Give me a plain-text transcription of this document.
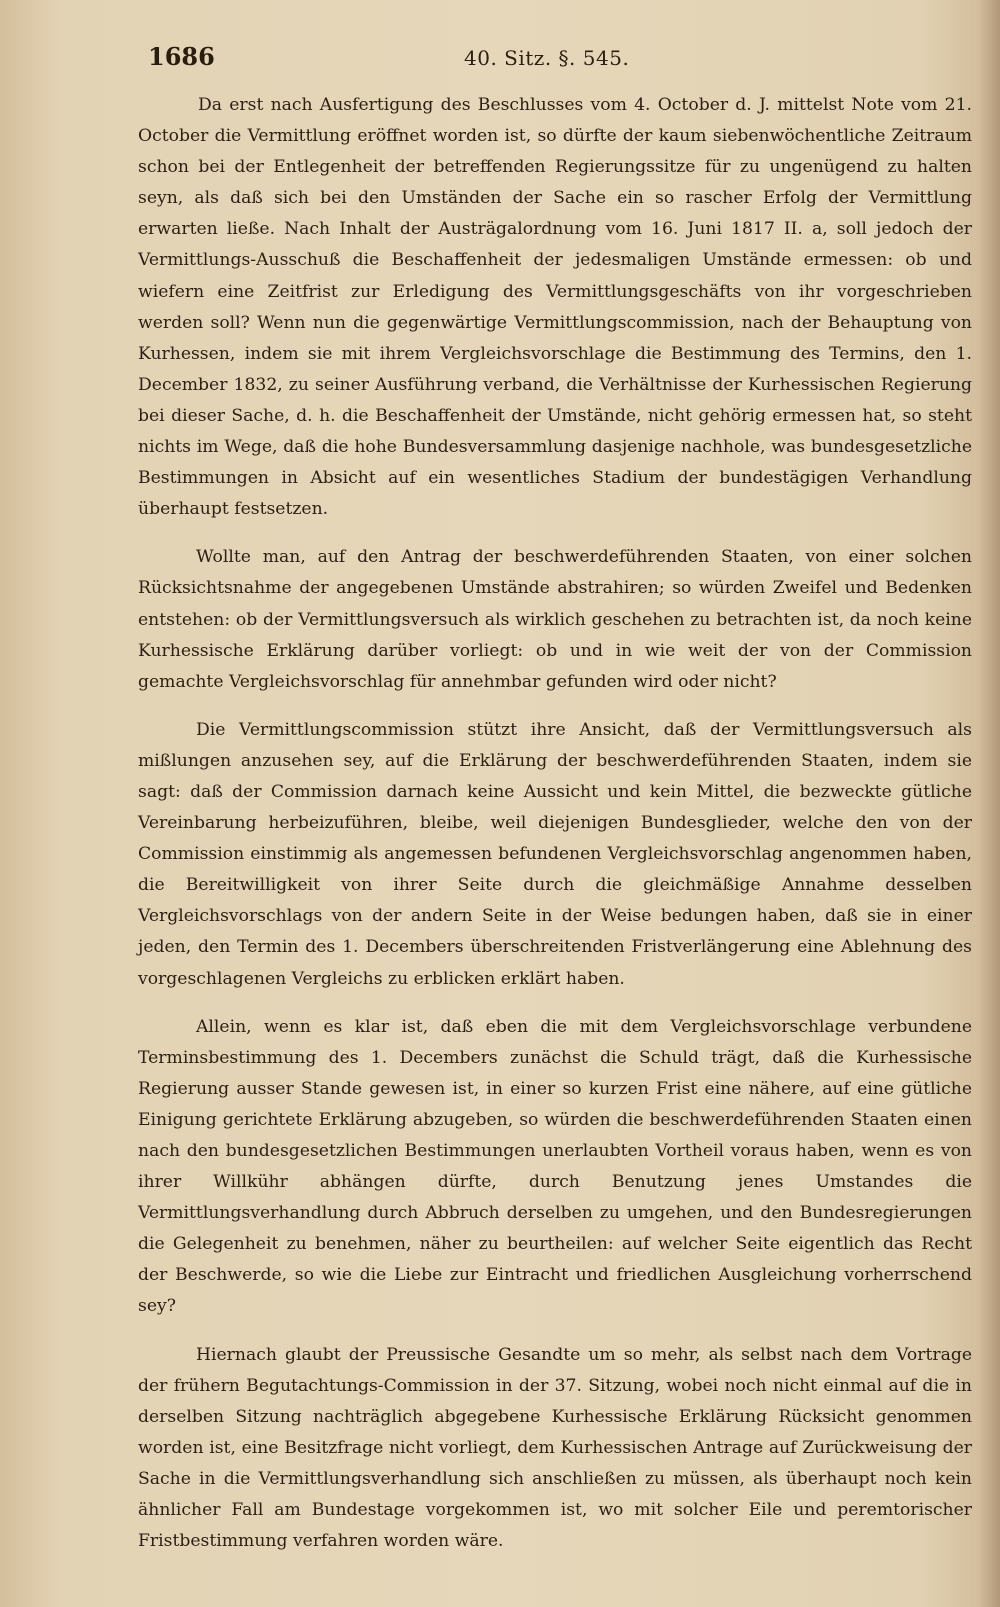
1686	40. Sitz. §. 545.

Da erst nach Ausfertigung des Beschlusses vom 4. October d. J. mittelst Note vom 21. October die Vermittlung eröffnet worden ist, so dürfte der kaum siebenwöchentliche Zeitraum schon bei der Entlegenheit der betreffenden Regierungssitze für zu ungenügend zu halten seyn, als daß sich bei den Umständen der Sache ein so rascher Erfolg der Vermittlung erwarten ließe. Nach Inhalt der Austrägalordnung vom 16. Juni 1817 II. a, soll jedoch der Vermittlungs-Ausschuß die Beschaffenheit der jedesmaligen Umstände ermessen: ob und wiefern eine Zeitfrist zur Erledigung des Vermittlungsgeschäfts von ihr vorgeschrieben werden soll? Wenn nun die gegenwärtige Vermittlungscommission, nach der Behauptung von Kurhessen, indem sie mit ihrem Vergleichsvorschlage die Bestimmung des Termins, den 1. December 1832, zu seiner Ausführung verband, die Verhältnisse der Kurhessischen Regierung bei dieser Sache, d. h. die Beschaffenheit der Umstände, nicht gehörig ermessen hat, so steht nichts im Wege, daß die hohe Bundesversammlung dasjenige nachhole, was bundesgesetzliche Bestimmungen in Absicht auf ein wesentliches Stadium der bundestägigen Verhandlung überhaupt festsetzen.

Wollte man, auf den Antrag der beschwerdeführenden Staaten, von einer solchen Rücksichtsnahme der angegebenen Umstände abstrahiren; so würden Zweifel und Bedenken entstehen: ob der Vermittlungsversuch als wirklich geschehen zu betrachten ist, da noch keine Kurhessische Erklärung darüber vorliegt: ob und in wie weit der von der Commission gemachte Vergleichsvorschlag für annehmbar gefunden wird oder nicht?

Die Vermittlungscommission stützt ihre Ansicht, daß der Vermittlungsversuch als mißlungen anzusehen sey, auf die Erklärung der beschwerdeführenden Staaten, indem sie sagt: daß der Commission darnach keine Aussicht und kein Mittel, die bezweckte gütliche Vereinbarung herbeizuführen, bleibe, weil diejenigen Bundesglieder, welche den von der Commission einstimmig als angemessen befundenen Vergleichsvorschlag angenommen haben, die Bereitwilligkeit von ihrer Seite durch die gleichmäßige Annahme desselben Vergleichsvorschlags von der andern Seite in der Weise bedungen haben, daß sie in einer jeden, den Termin des 1. Decembers überschreitenden Fristverlängerung eine Ablehnung des vorgeschlagenen Vergleichs zu erblicken erklärt haben.

Allein, wenn es klar ist, daß eben die mit dem Vergleichsvorschlage verbundene Terminsbestimmung des 1. Decembers zunächst die Schuld trägt, daß die Kurhessische Regierung ausser Stande gewesen ist, in einer so kurzen Frist eine nähere, auf eine gütliche Einigung gerichtete Erklärung abzugeben, so würden die beschwerdeführenden Staaten einen nach den bundesgesetzlichen Bestimmungen unerlaubten Vortheil voraus haben, wenn es von ihrer Willkühr abhängen dürfte, durch Benutzung jenes Umstandes die Vermittlungsverhandlung durch Abbruch derselben zu umgehen, und den Bundesregierungen die Gelegenheit zu benehmen, näher zu beurtheilen: auf welcher Seite eigentlich das Recht der Beschwerde, so wie die Liebe zur Eintracht und friedlichen Ausgleichung vorherrschend sey?

Hiernach glaubt der Preussische Gesandte um so mehr, als selbst nach dem Vortrage der frühern Begutachtungs-Commission in der 37. Sitzung, wobei noch nicht einmal auf die in derselben Sitzung nachträglich abgegebene Kurhessische Erklärung Rücksicht genommen worden ist, eine Besitzfrage nicht vorliegt, dem Kurhessischen Antrage auf Zurückweisung der Sache in die Vermittlungsverhandlung sich anschließen zu müssen, als überhaupt noch kein ähnlicher Fall am Bundestage vorgekommen ist, wo mit solcher Eile und peremtorischer Fristbestimmung verfahren worden wäre.
